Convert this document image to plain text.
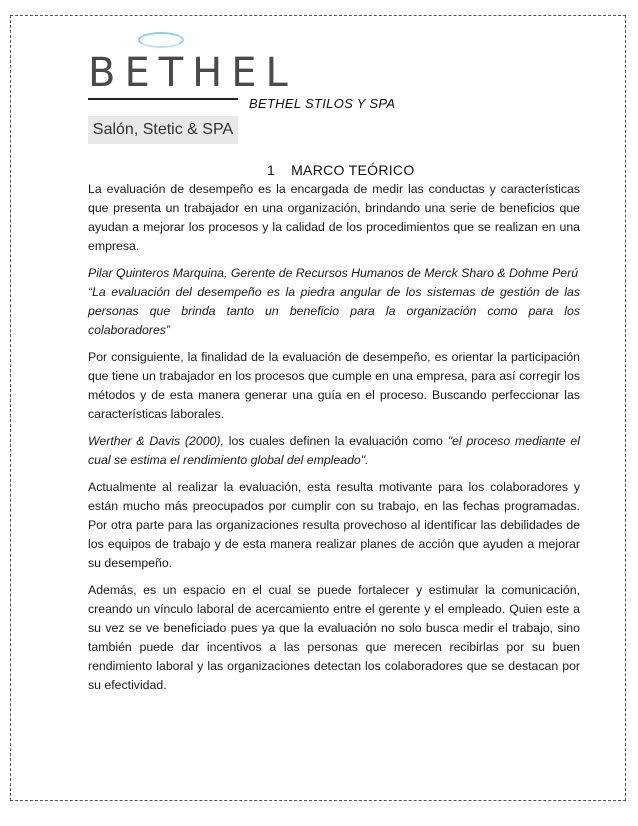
BETHEL
Salón, Stetic & SPA
BETHEL STILOS Y SPA
1 MARCO TEÓRICO

La evaluación de desempeño es la encargada de medir las conductas y características que presenta un trabajador en una organización, brindando una serie de beneficios que ayudan a mejorar los procesos y la calidad de los procedimientos que se realizan en una empresa.

Pilar Quinteros Marquina, Gerente de Recursos Humanos de Merck Sharo & Dohme Perú

“La evaluación del desempeño es la piedra angular de los sistemas de gestión de las personas que brinda tanto un beneficio para la organización como para los colaboradores”

Por consiguiente, la finalidad de la evaluación de desempeño, es orientar la participación que tiene un trabajador en los procesos que cumple en una empresa, para así corregir los métodos y de esta manera generar una guía en el proceso. Buscando perfeccionar las características laborales.

Werther & Davis (2000), los cuales definen la evaluación como "el proceso mediante el cual se estima el rendimiento global del empleado".

Actualmente al realizar la evaluación, esta resulta motivante para los colaboradores y están mucho más preocupados por cumplir con su trabajo, en las fechas programadas. Por otra parte para las organizaciones resulta provechoso al identificar las debilidades de los equipos de trabajo y de esta manera realizar planes de acción que ayuden a mejorar su desempeño.

Además, es un espacio en el cual se puede fortalecer y estimular la comunicación, creando un vínculo laboral de acercamiento entre el gerente y el empleado. Quien este a su vez se ve beneficiado pues ya que la evaluación no solo busca medir el trabajo, sino también puede dar incentivos a las personas que merecen recibirlas por su buen rendimiento laboral y las organizaciones detectan los colaboradores que se destacan por su efectividad.
